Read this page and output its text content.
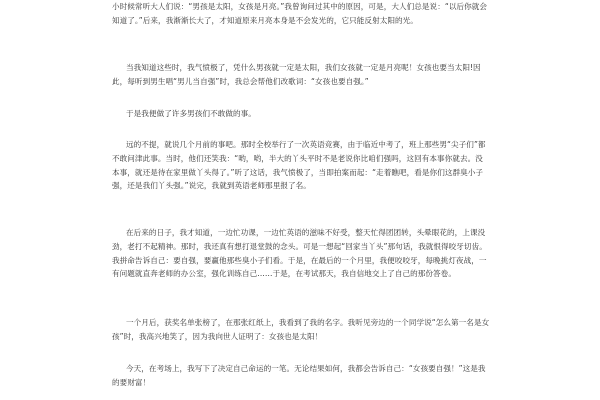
小时候常听大人们说：“男孩是太阳，女孩是月亮。”我曾询问过其中的原因，可是，大人们总是说：“以后你就会知道了。”后来，我渐渐长大了，才知道原来月亮本身是不会发光的，它只能反射太阳的光。

当我知道这些时，我气愤极了，凭什么男孩就一定是太阳，我们女孩就一定是月亮呢！女孩也要当太阳!因此，每听到男生唱“男儿当自强”时，我总会帮他们改歌词：“女孩也要自强。”

于是我便做了许多男孩们不敢做的事。

远的不提，就说几个月前的事吧。那时全校举行了一次英语竞赛，由于临近中考了，班上那些男“尖子们”都不敢问津此事。当时，他们还笑我：“哟，哟，半大的丫头平时不是老说你比咱们强吗，这回有本事你就去。没本事，就还是待在家里做丫头得了。”听了这话，我气愤极了，当即拍案而起：“走着瞧吧，看是你们这群臭小子强，还是我们丫头强。”说完，我就到英语老师那里报了名。

在后来的日子，我才知道，一边忙功课，一边忙英语的滋味不好受，整天忙得团团转，头晕眼花的，上课没劲，老打不起精神。那时，我还真有想打退堂鼓的念头。可是一想起“回家当丫头”那句话，我就恨得咬牙切齿。我拼命告诉自己：要自强，要赢他那些臭小子们看。于是，在最后的一个月里，我便咬咬牙，每晚挑灯夜战，一有问题就直奔老师的办公室，强化训练自己……于是，在考试那天，我自信地交上了自己的那份答卷。

一个月后，获奖名单张榜了，在那张红纸上，我看到了我的名字。我听见旁边的一个同学说“怎么第一名是女孩”时，我高兴地笑了，因为我向世人证明了：女孩也是太阳！

今天，在考场上，我写下了决定自己命运的一笔。无论结果如何，我都会告诉自己：“女孩要自强！”这是我的要财富！
